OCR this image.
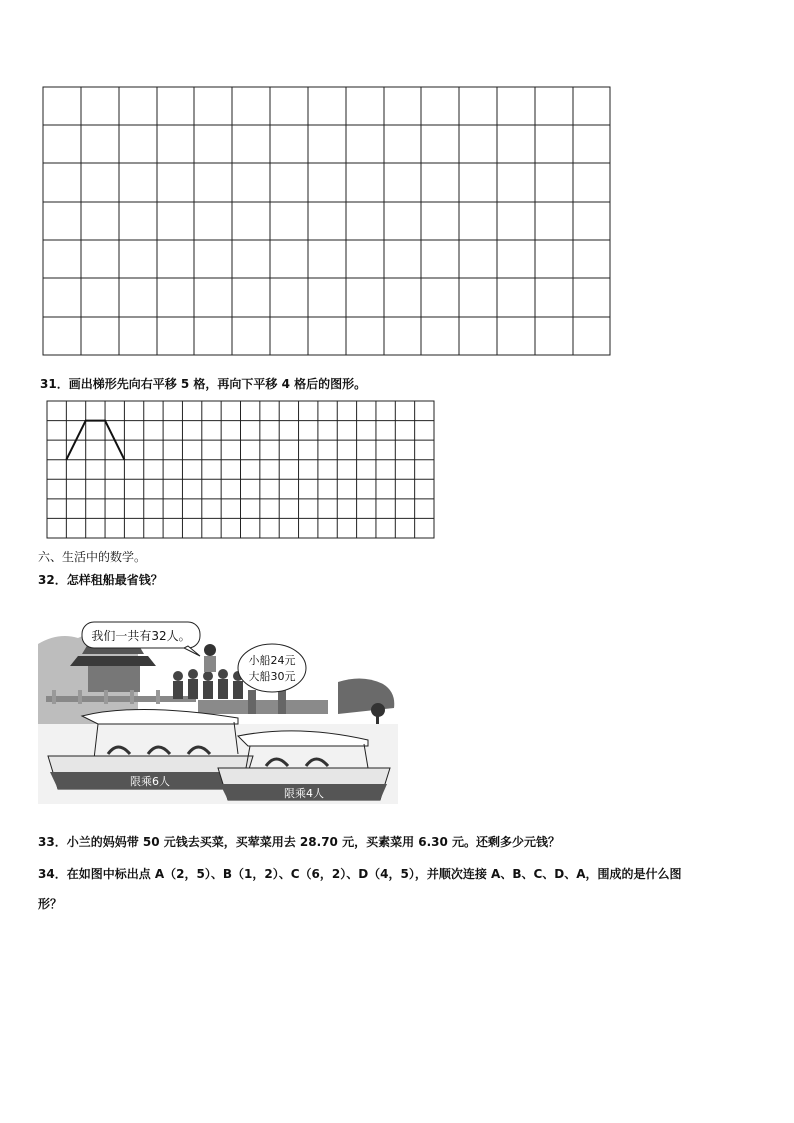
31．画出梯形先向右平移 5 格，再向下平移 4 格后的图形。
六、生活中的数学。
32．怎样租船最省钱？
我们一共有32人。
小船24元
大船30元
限乘6人
限乘4人
33．小兰的妈妈带 50 元钱去买菜，买荤菜用去 28.70 元，买素菜用 6.30 元。还剩多少元钱？
34．在如图中标出点 A（2，5）、B（1，2）、C（6，2）、D（4，5），并顺次连接 A、B、C、D、A，围成的是什么图
形？
